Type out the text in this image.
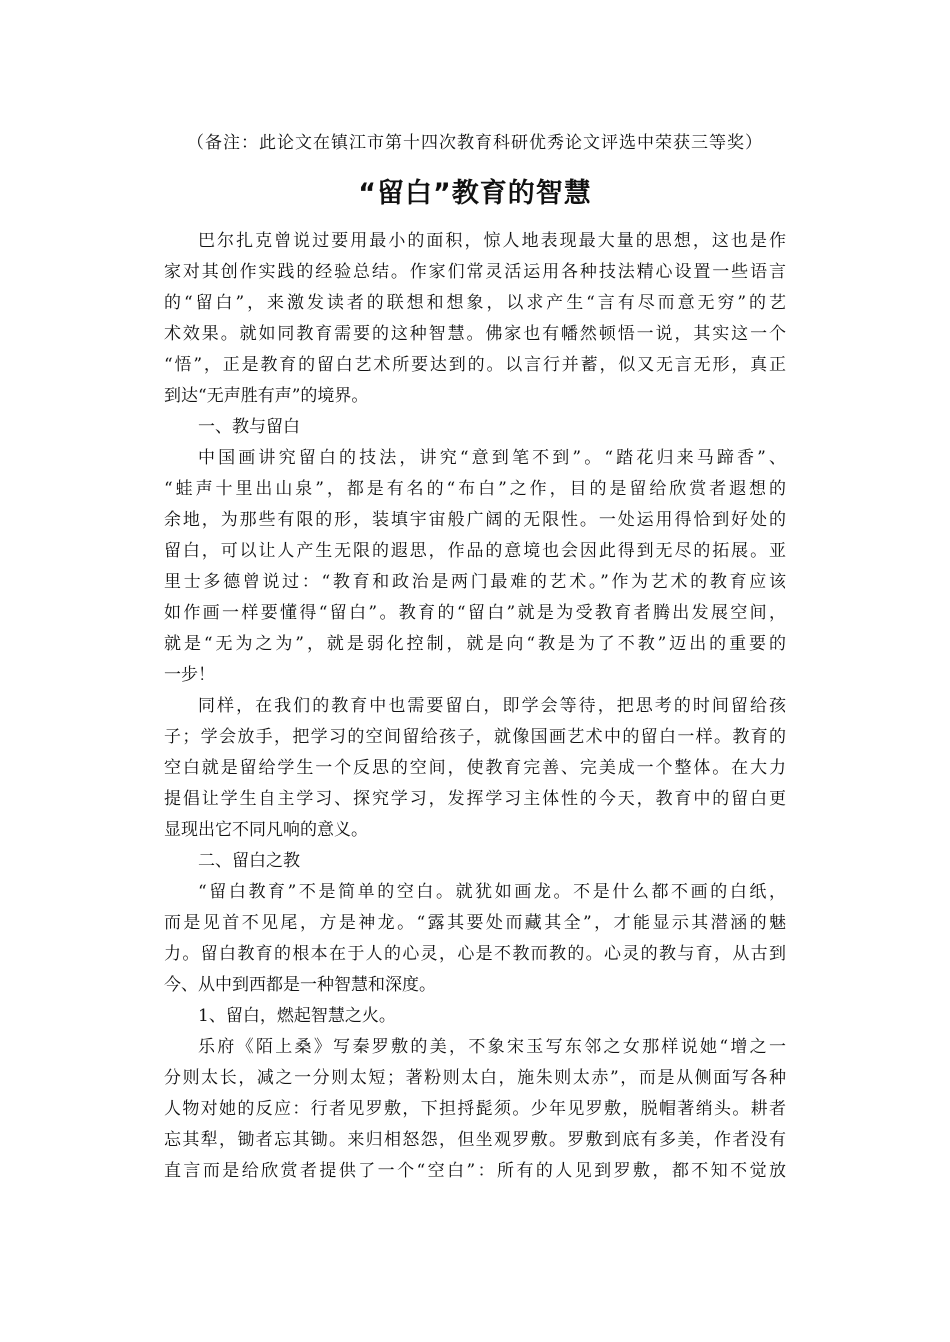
（备注：此论文在镇江市第十四次教育科研优秀论文评选中荣获三等奖）

“留白”教育的智慧
巴尔扎克曾说过要用最小的面积，惊人地表现最大量的思想，这也是作
家对其创作实践的经验总结。作家们常灵活运用各种技法精心设置一些语言
的“留白”，来激发读者的联想和想象，以求产生“言有尽而意无穷”的艺
术效果。就如同教育需要的这种智慧。佛家也有幡然顿悟一说，其实这一个
“悟”，正是教育的留白艺术所要达到的。以言行并蓄，似又无言无形，真正
到达“无声胜有声”的境界。

一、教与留白

中国画讲究留白的技法，讲究“意到笔不到”。“踏花归来马蹄香”、
“蛙声十里出山泉”，都是有名的“布白”之作，目的是留给欣赏者遐想的
余地，为那些有限的形，装填宇宙般广阔的无限性。一处运用得恰到好处的
留白，可以让人产生无限的遐思，作品的意境也会因此得到无尽的拓展。亚
里士多德曾说过：“教育和政治是两门最难的艺术。”作为艺术的教育应该
如作画一样要懂得“留白”。教育的“留白”就是为受教育者腾出发展空间，
就是“无为之为”，就是弱化控制，就是向“教是为了不教”迈出的重要的
一步！
同样，在我们的教育中也需要留白，即学会等待，把思考的时间留给孩
子；学会放手，把学习的空间留给孩子，就像国画艺术中的留白一样。教育的
空白就是留给学生一个反思的空间，使教育完善、完美成一个整体。在大力
提倡让学生自主学习、探究学习，发挥学习主体性的今天，教育中的留白更
显现出它不同凡响的意义。

二、留白之教

“留白教育”不是简单的空白。就犹如画龙。不是什么都不画的白纸，
而是见首不见尾，方是神龙。“露其要处而藏其全”，才能显示其潜涵的魅
力。留白教育的根本在于人的心灵，心是不教而教的。心灵的教与育，从古到
今、从中到西都是一种智慧和深度。

1、留白，燃起智慧之火。

乐府《陌上桑》写秦罗敷的美，不象宋玉写东邻之女那样说她“增之一
分则太长，减之一分则太短；著粉则太白，施朱则太赤”，而是从侧面写各种
人物对她的反应：行者见罗敷，下担捋髭须。少年见罗敷，脱帽著绡头。耕者
忘其犁，锄者忘其锄。来归相怒怨，但坐观罗敷。罗敷到底有多美，作者没有
直言而是给欣赏者提供了一个“空白”：所有的人见到罗敷，都不知不觉放
